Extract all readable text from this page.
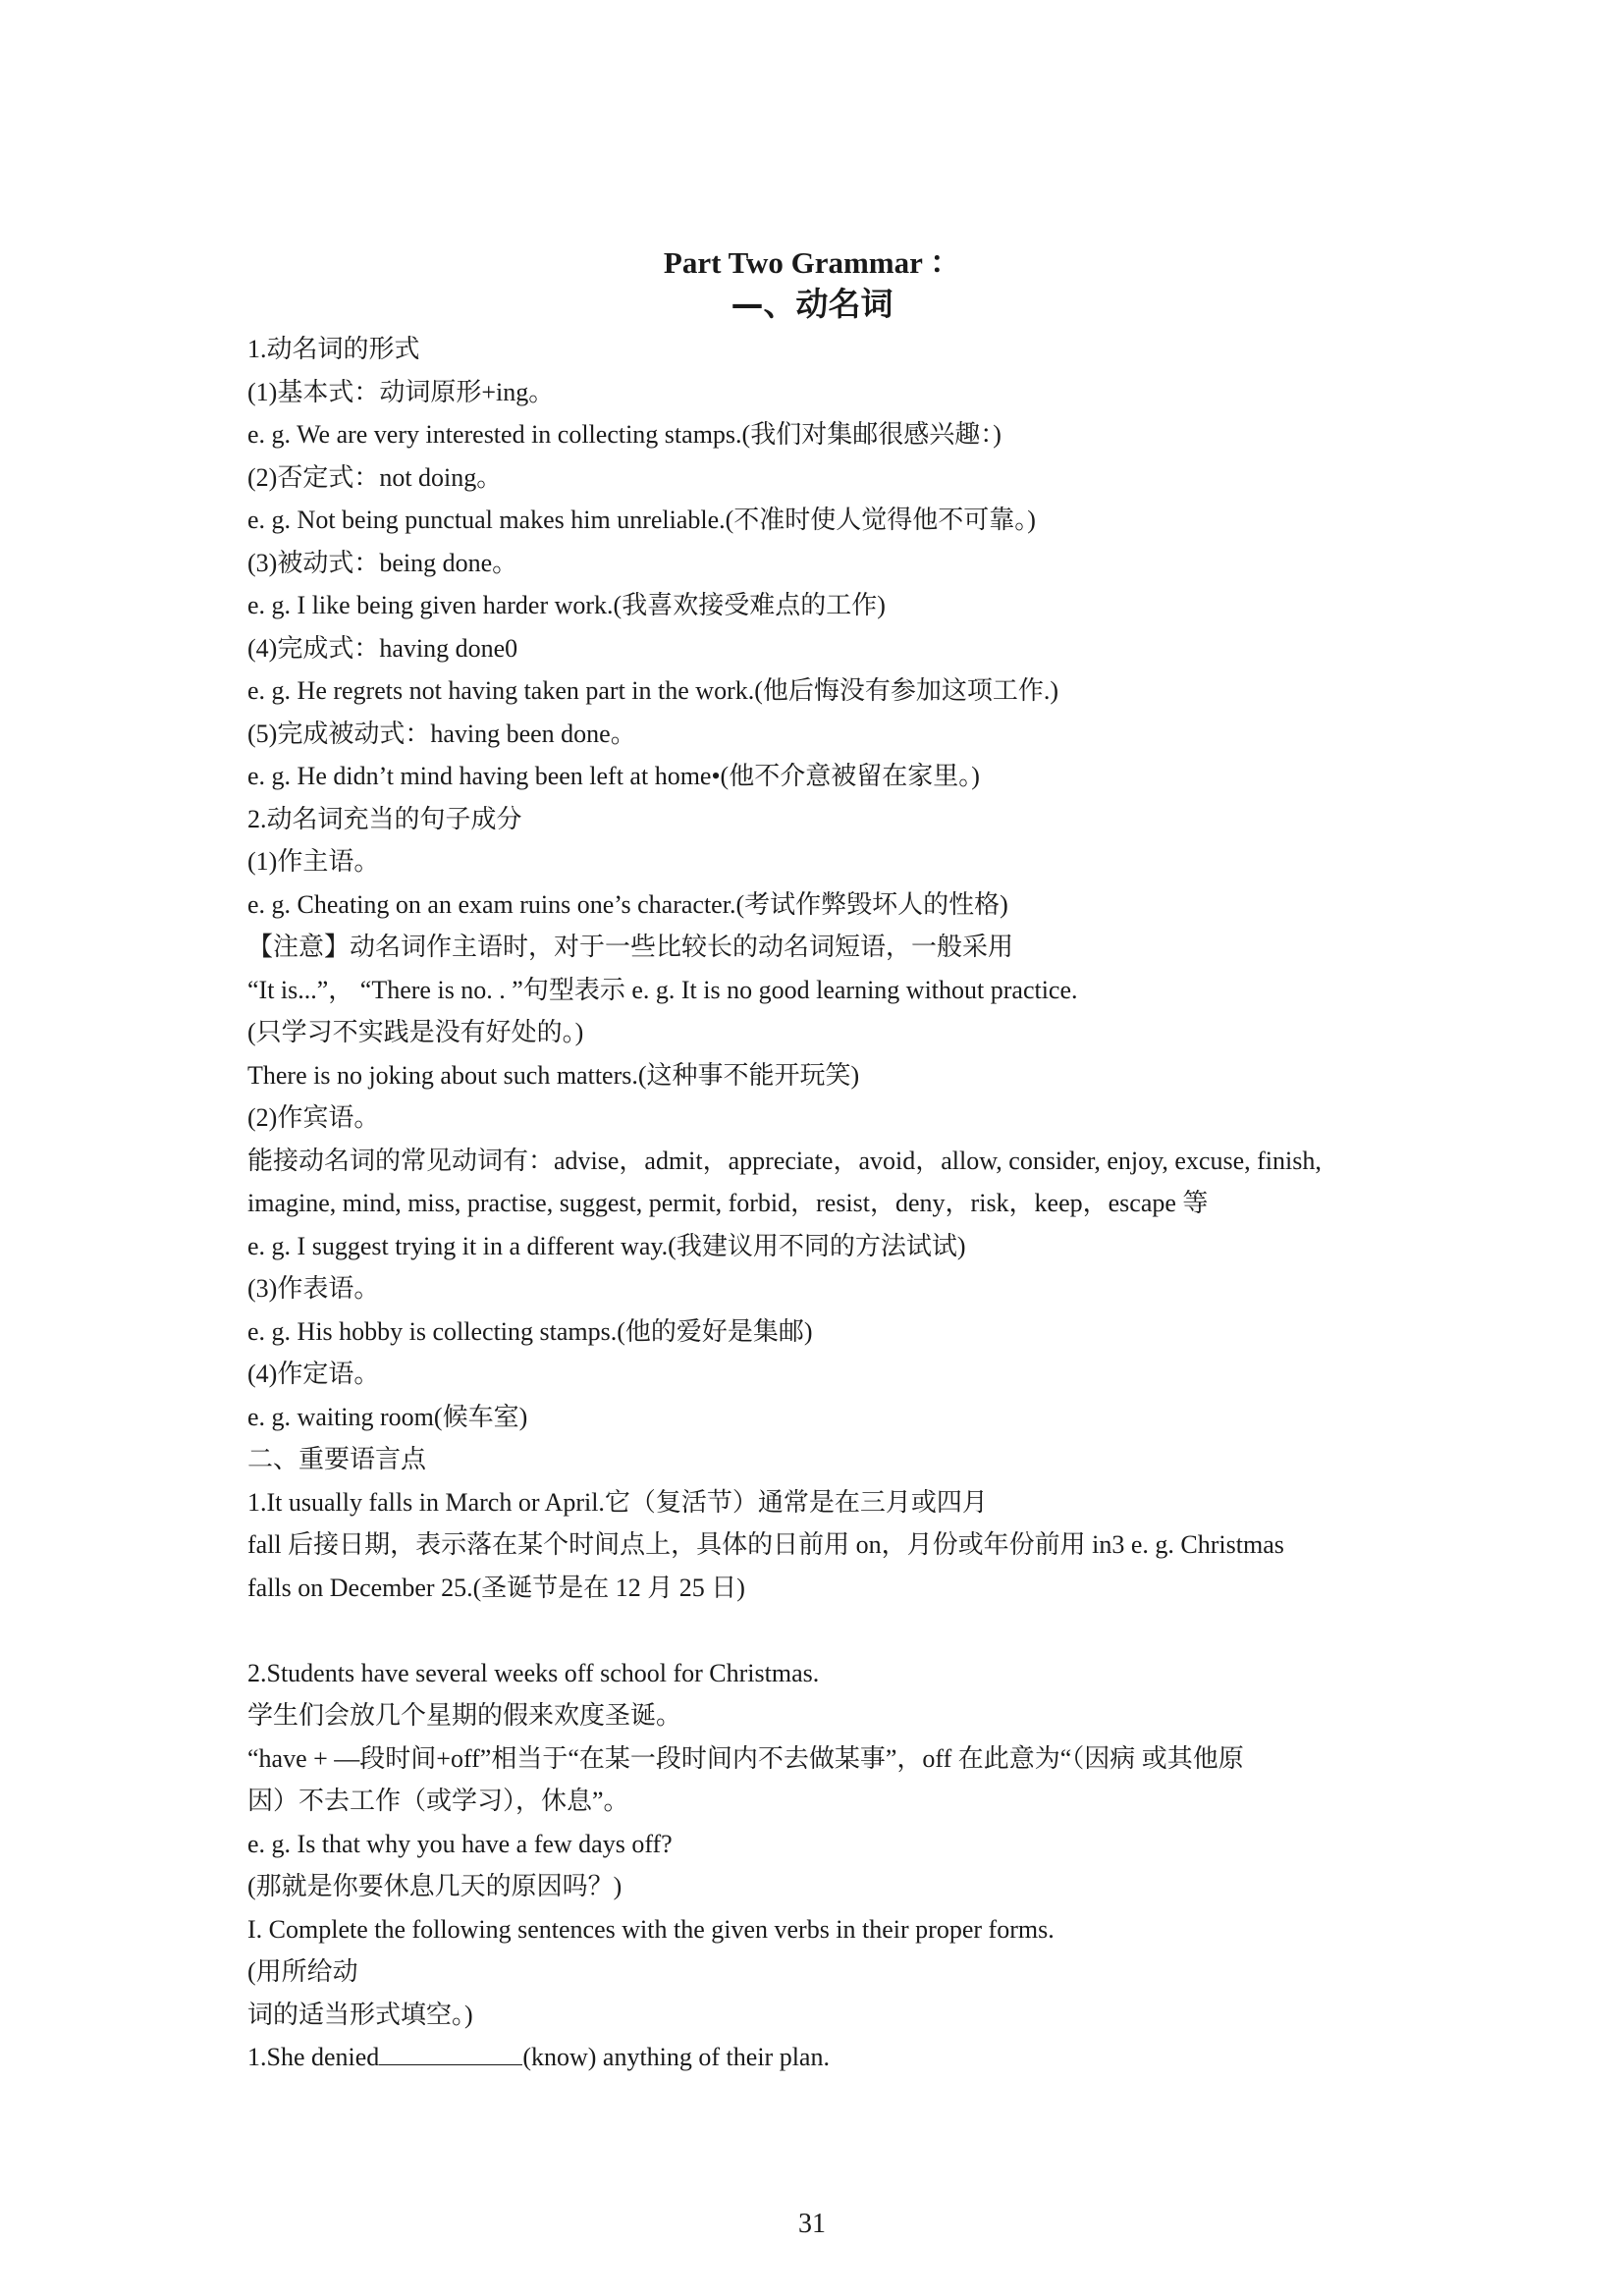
Part Two Grammar ：
—、动名词
1.动名词的形式
(1)基本式：动词原形+ing。
e. g. We are very interested in collecting stamps.(我们对集邮很感兴趣：)
(2)否定式：not doing。
e. g. Not being punctual makes him unreliable.(不准时使人觉得他不可靠。)
(3)被动式：being done。
e. g. I like being given harder work.(我喜欢接受难点的工作)
(4)完成式：having done0
e. g. He regrets not having taken part in the work.(他后悔没有参加这项工作.)
(5)完成被动式：having been done。
e. g. He didn’t mind having been left at home•(他不介意被留在家里。)
2.动名词充当的句子成分
(1)作主语。
e. g. Cheating on an exam ruins one’s character.(考试作弊毁坏人的性格)
【注意】动名词作主语时，对于一些比较长的动名词短语，一般采用
“It is...”， “There is no. . ”句型表示 e. g. It is no good learning without practice.
(只学习不实践是没有好处的。)
There is no joking about such matters.(这种事不能开玩笑)
(2)作宾语。
能接动名词的常见动词有：advise，admit，appreciate，avoid，allow, consider, enjoy, excuse, finish,
imagine, mind, miss, practise, suggest, permit, forbid，resist，deny，risk，keep，escape 等
e. g. I suggest trying it in a different way.(我建议用不同的方法试试)
(3)作表语。
e. g. His hobby is collecting stamps.(他的爱好是集邮)
(4)作定语。
e. g. waiting room(候车室)
二、重要语言点
1.It usually falls in March or April.它（复活节）通常是在三月或四月
fall 后接日期，表示落在某个时间点上，具体的日前用 on，月份或年份前用 in3 e. g. Christmas
falls on December 25.(圣诞节是在 12 月 25 日)
2.Students have several weeks off school for Christmas.
学生们会放几个星期的假来欢度圣诞。
“have + —段时间+off”相当于“在某一段时间内不去做某事”，off 在此意为“（因病 或其他原
因）不去工作（或学习），休息”。
e. g. Is that why you have a few days off?
(那就是你要休息几天的原因吗？)
I. Complete the following sentences with the given verbs in their proper forms.
(用所给动
词的适当形式填空。)
1.She denied	(know) anything of their plan.
31
